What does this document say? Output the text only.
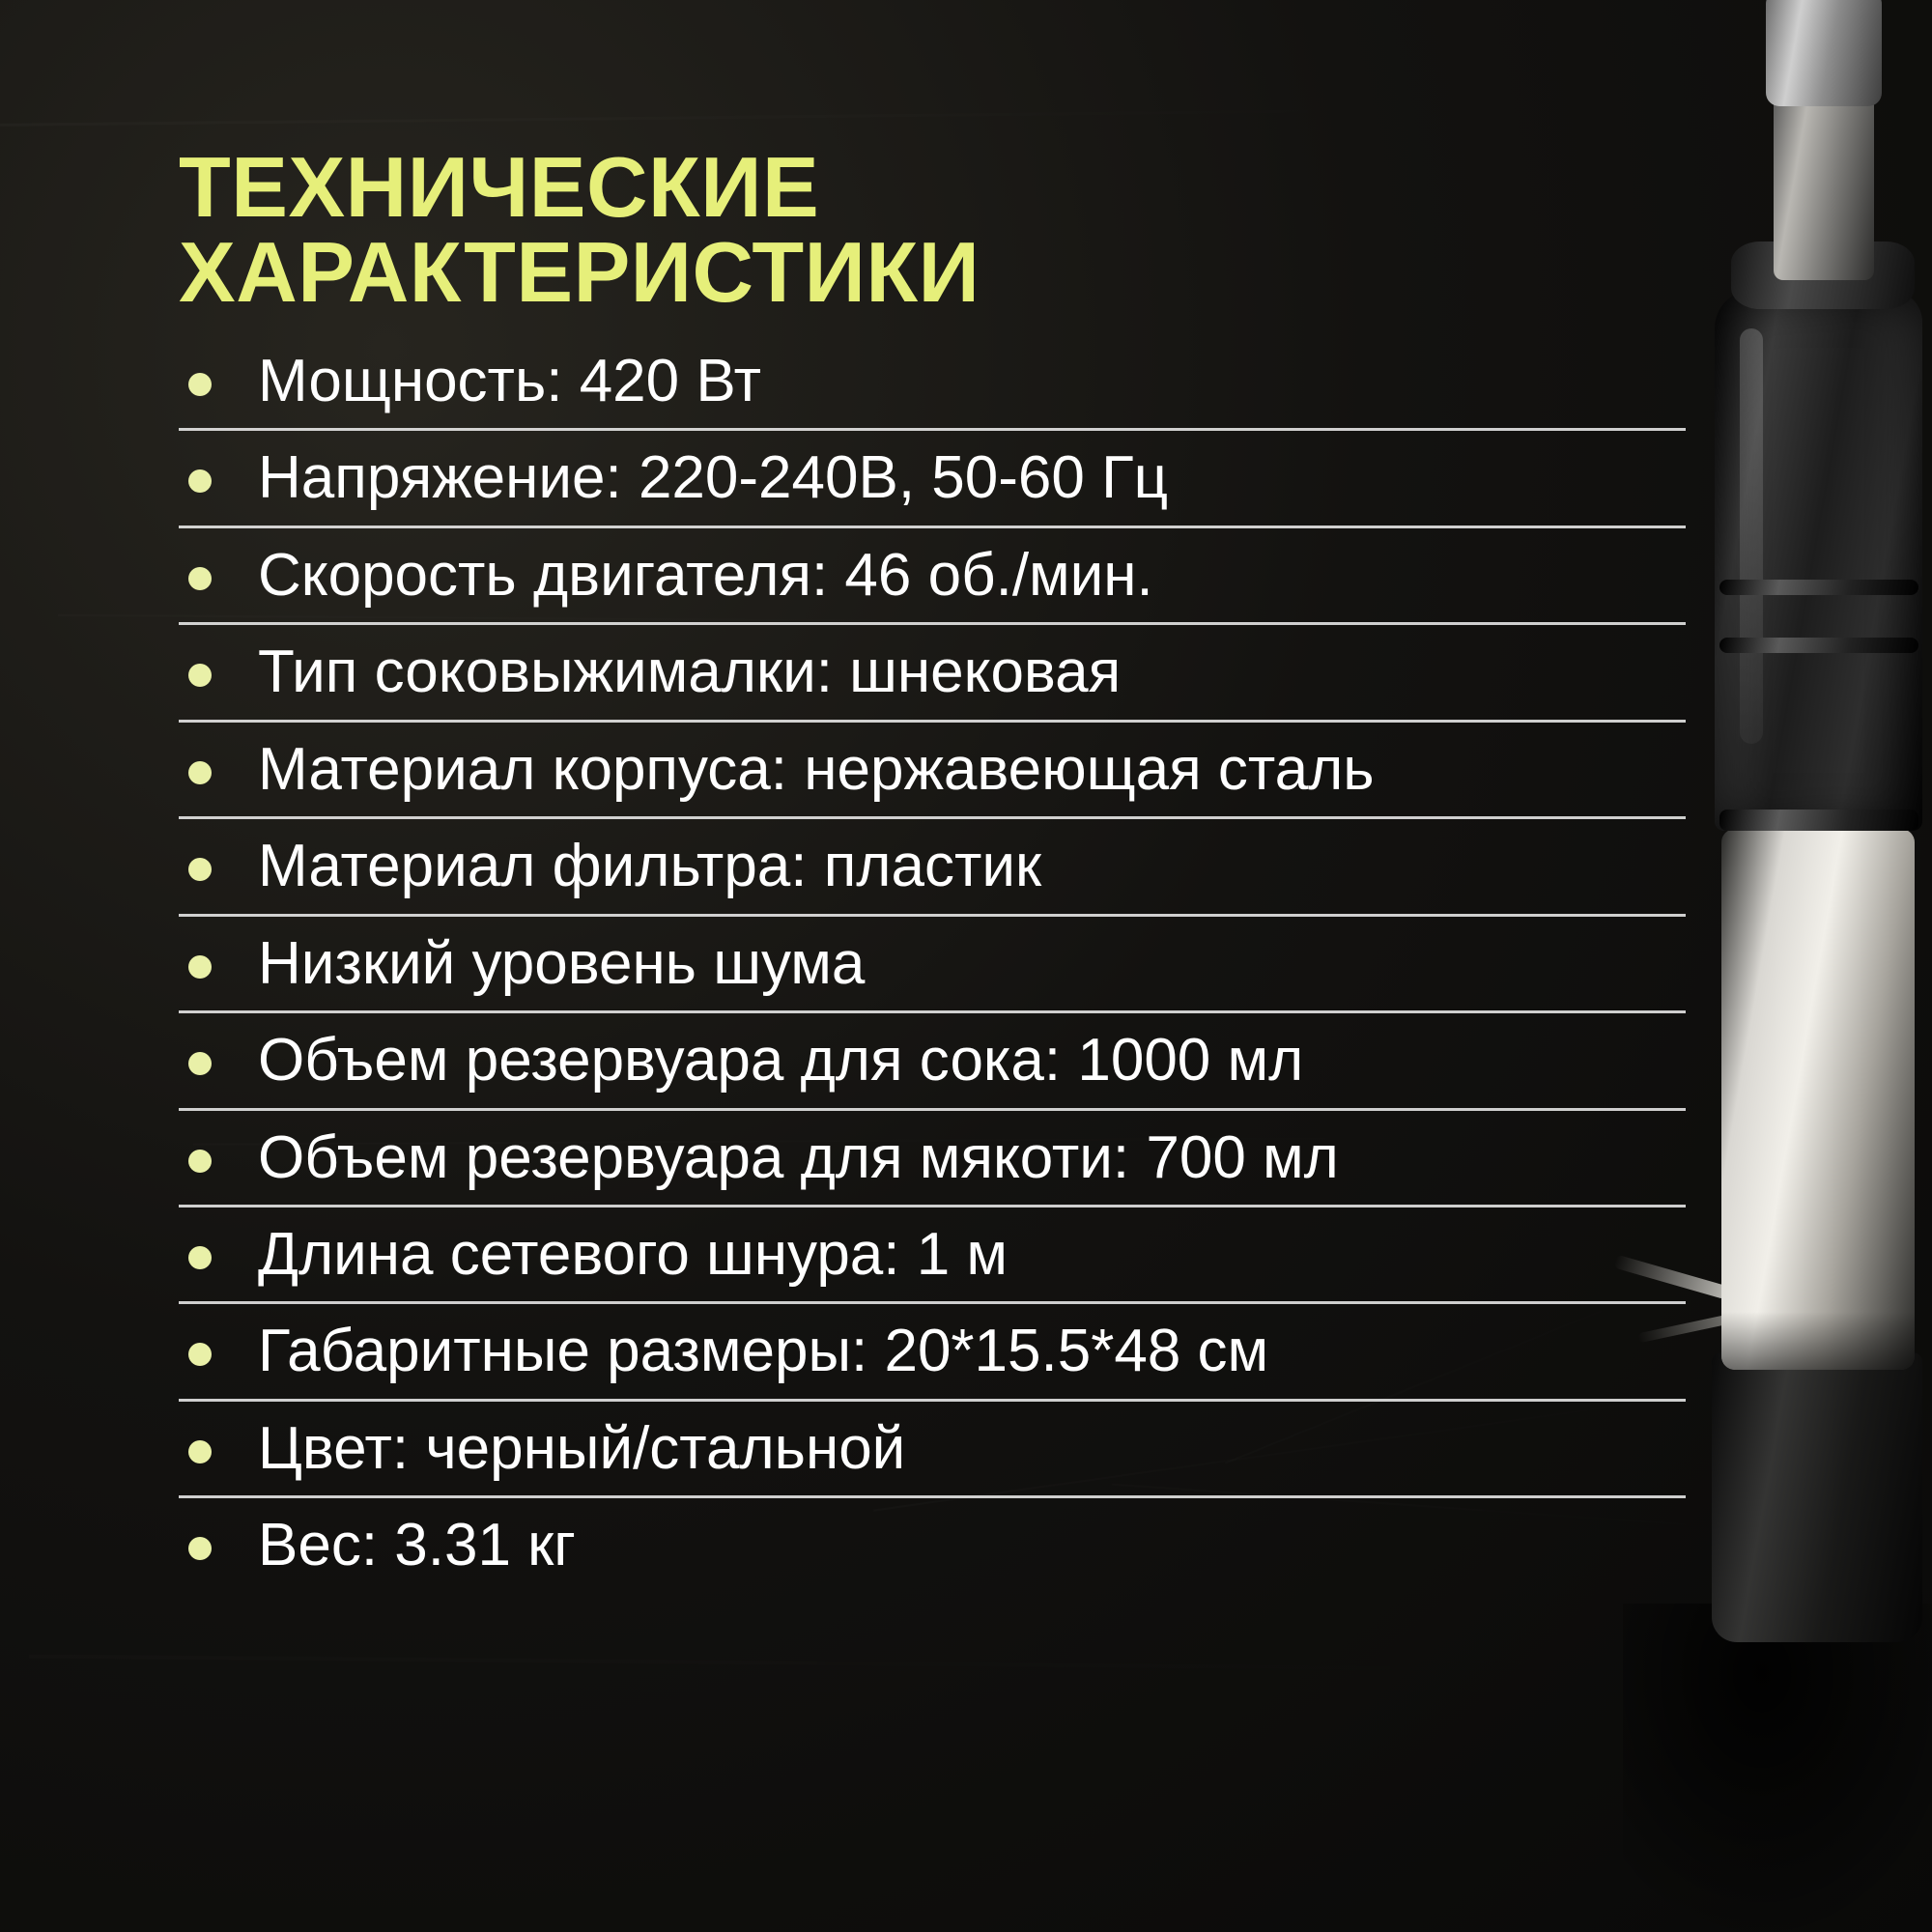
ТЕХНИЧЕСКИЕ
ХАРАКТЕРИСТИКИ
Мощность: 420 Вт
Напряжение: 220-240В, 50-60 Гц
Скорость двигателя: 46 об./мин.
Тип соковыжималки: шнековая
Материал корпуса: нержавеющая сталь
Материал фильтра: пластик
Низкий уровень шума
Объем резервуара для сока: 1000 мл
Объем резервуара для мякоти: 700 мл
Длина сетевого шнура: 1 м
Габаритные размеры: 20*15.5*48 см
Цвет: черный/стальной
Вес: 3.31 кг
